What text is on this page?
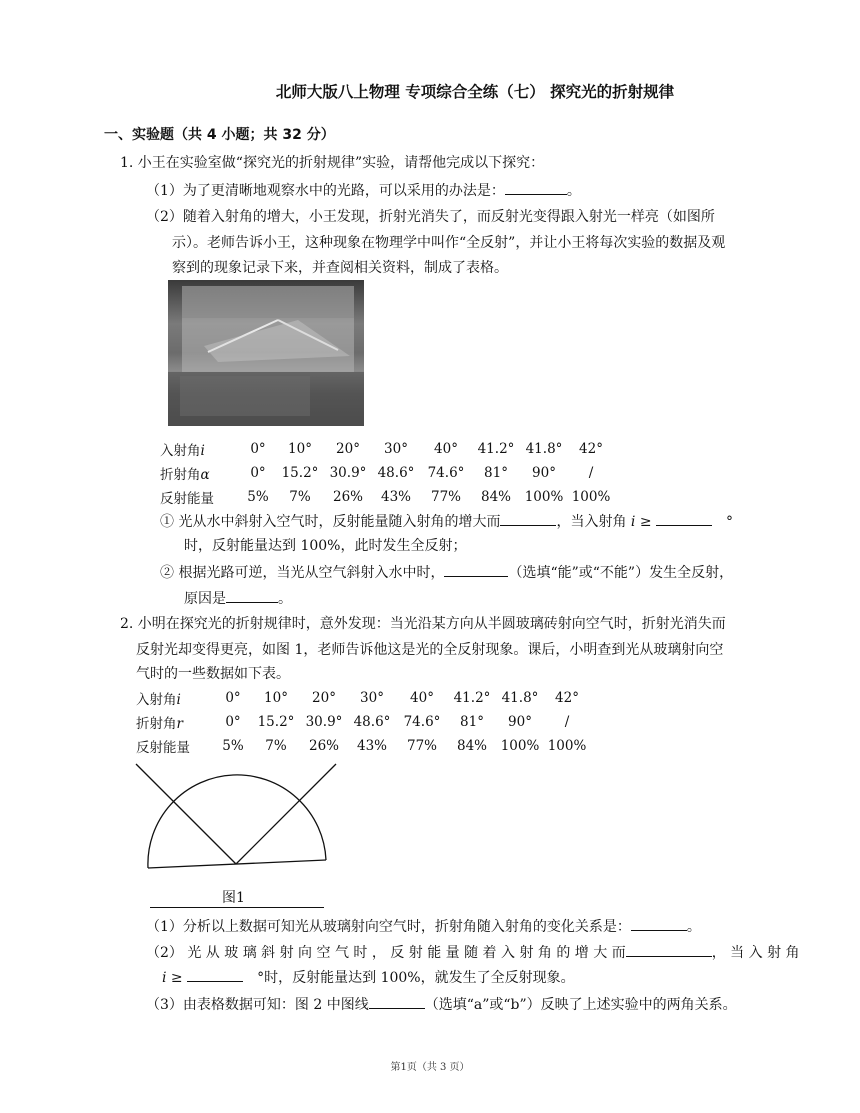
北师大版八上物理 专项综合全练（七） 探究光的折射规律
一、实验题（共 4 小题；共 32 分）
1. 小王在实验室做“探究光的折射规律”实验，请帮他完成以下探究：
（1）为了更清晰地观察水中的光路，可以采用的办法是：	。
（2）随着入射角的增大，小王发现，折射光消失了，而反射光变得跟入射光一样亮（如图所
示）。老师告诉小王，这种现象在物理学中叫作“全反射”，并让小王将每次实验的数据及观
察到的现象记录下来，并查阅相关资料，制成了表格。
入射角i	0°	10°	20°	30°	40°	41.2°	41.8°	42°
折射角α	0°	15.2°	30.9°	48.6°	74.6°	81°	90°	/
反射能量	5%	7%	26%	43%	77%	84%	100%	100%
① 光从水中斜射入空气时，反射能量随入射角的增大而	，当入射角 i ≥	°
时，反射能量达到 100%，此时发生全反射；
② 根据光路可逆，当光从空气斜射入水中时，	（选填“能”或“不能”）发生全反射，
原因是	。
2. 小明在探究光的折射规律时，意外发现：当光沿某方向从半圆玻璃砖射向空气时，折射光消失而
反射光却变得更亮，如图 1，老师告诉他这是光的全反射现象。课后，小明查到光从玻璃射向空
气时的一些数据如下表。
入射角i	0°	10°	20°	30°	40°	41.2°	41.8°	42°
折射角r	0°	15.2°	30.9°	48.6°	74.6°	81°	90°	/
反射能量	5%	7%	26%	43%	77%	84%	100%	100%
图1
（1）分析以上数据可知光从玻璃射向空气时，折射角随入射角的变化关系是：	。
（2） 光 从 玻 璃 斜 射 向 空 气 时 ， 反 射 能 量 随 着 入 射 角 的 增 大 而	， 当 入 射 角
i ≥	°时，反射能量达到 100%，就发生了全反射现象。
（3）由表格数据可知：图 2 中图线	（选填“a”或“b”）反映了上述实验中的两角关系。
第1页（共 3 页）
